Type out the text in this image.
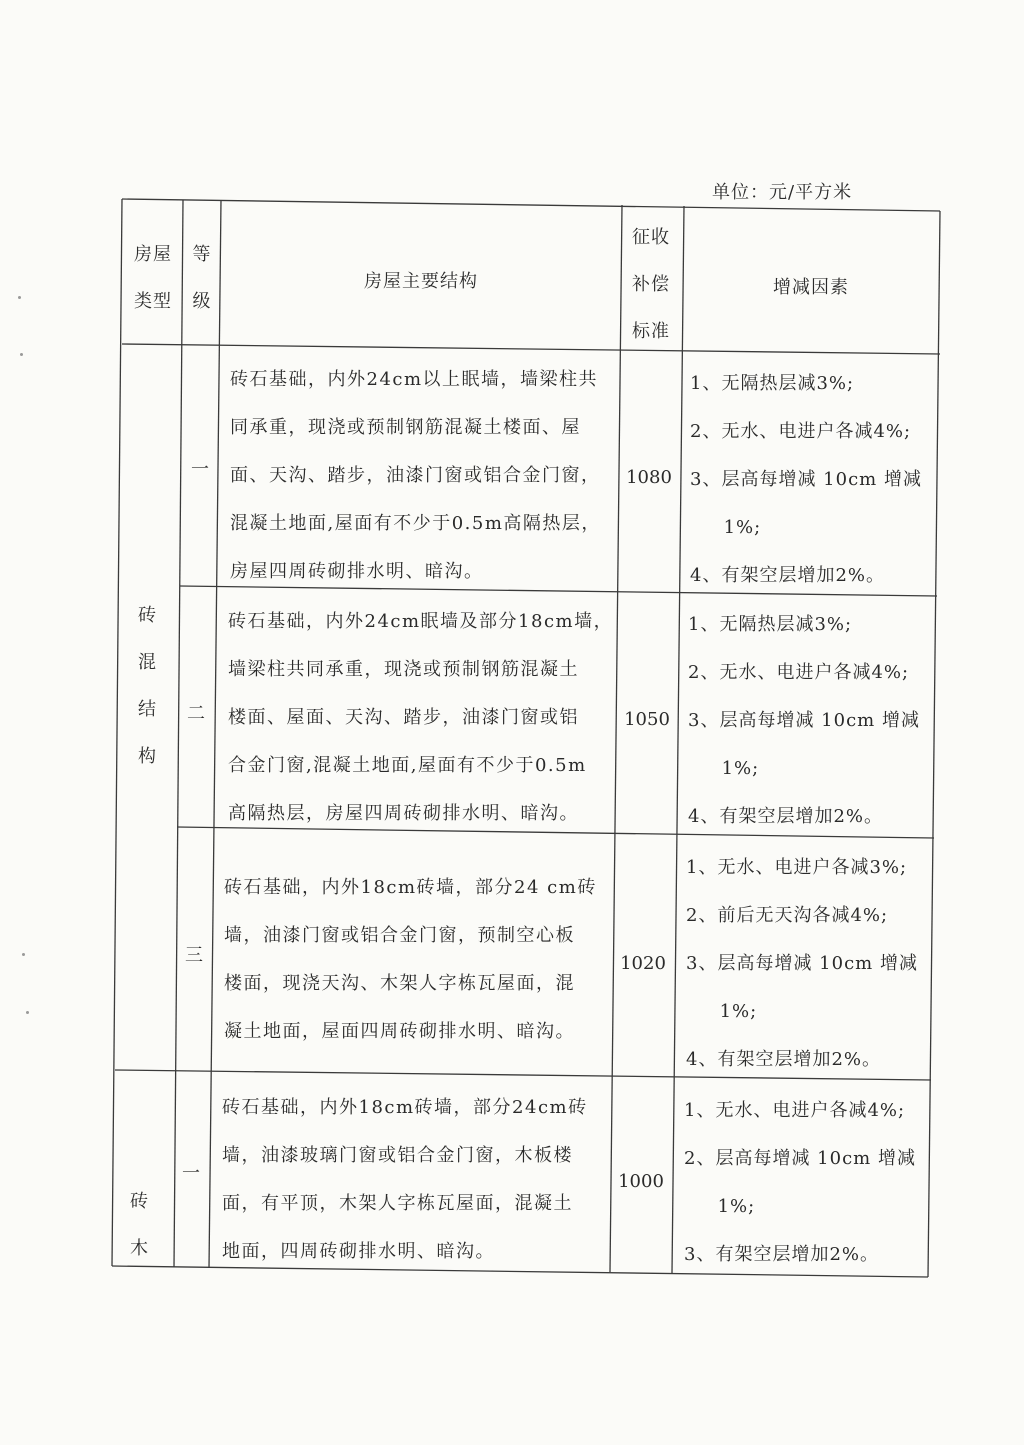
单位：元/平方米
房屋
类型
等
级
房屋主要结构
征收
补偿
标准
增减因素
砖
混
结
构
砖
木
一
砖石基础，内外24cm以上眠墙，墙梁柱共
同承重，现浇或预制钢筋混凝土楼面、屋
面、天沟、踏步，油漆门窗或铝合金门窗，
混凝土地面,屋面有不少于0.5m高隔热层，
房屋四周砖砌排水明、暗沟。
1080
1、无隔热层减3%;
2、无水、电进户各减4%;
3、层高每增减 10cm 增减
1%;
4、有架空层增加2%。
二
砖石基础，内外24cm眠墙及部分18cm墙，
墙梁柱共同承重，现浇或预制钢筋混凝土
楼面、屋面、天沟、踏步，油漆门窗或铝
合金门窗,混凝土地面,屋面有不少于0.5m
高隔热层，房屋四周砖砌排水明、暗沟。
1050
1、无隔热层减3%;
2、无水、电进户各减4%;
3、层高每增减 10cm 增减
1%;
4、有架空层增加2%。
三
砖石基础，内外18cm砖墙，部分24 cm砖
墙，油漆门窗或铝合金门窗，预制空心板
楼面，现浇天沟、木架人字栋瓦屋面，混
凝土地面，屋面四周砖砌排水明、暗沟。
1020
1、无水、电进户各减3%;
2、前后无天沟各减4%;
3、层高每增减 10cm 增减
1%;
4、有架空层增加2%。
一
砖石基础，内外18cm砖墙，部分24cm砖
墙，油漆玻璃门窗或铝合金门窗，木板楼
面，有平顶，木架人字栋瓦屋面，混凝土
地面，四周砖砌排水明、暗沟。
1000
1、无水、电进户各减4%;
2、层高每增减 10cm 增减
1%;
3、有架空层增加2%。
